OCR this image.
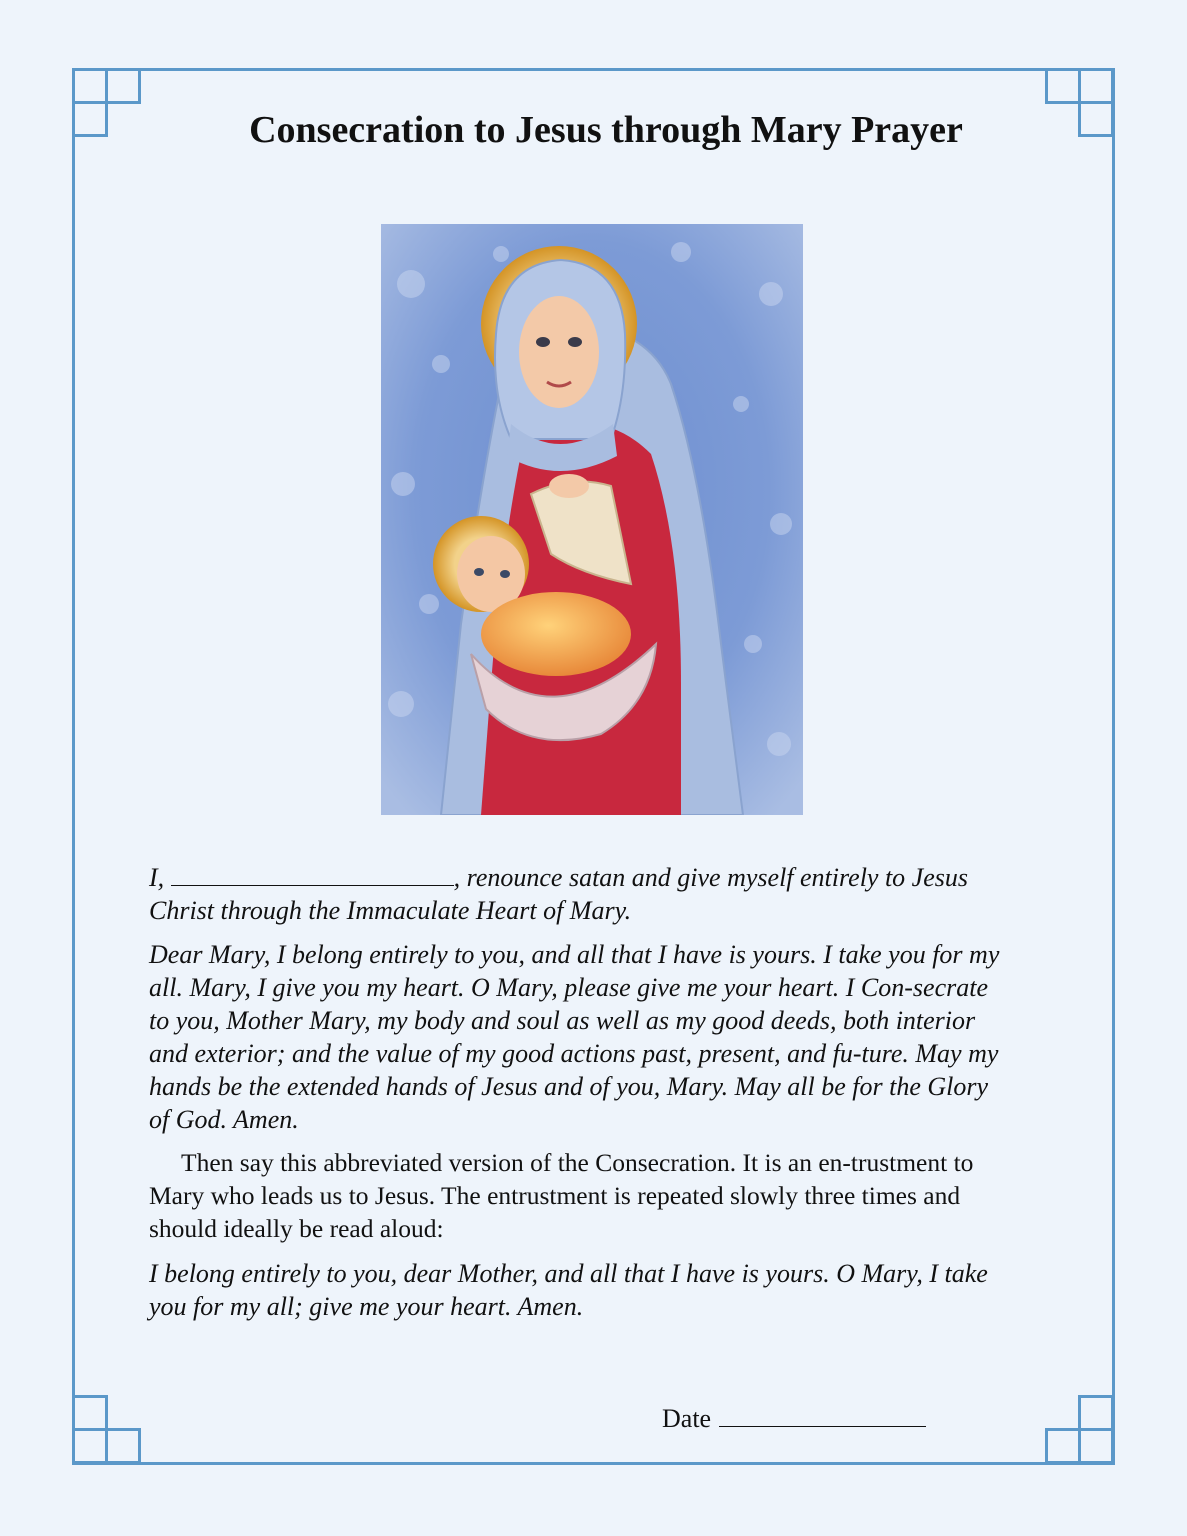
Consecration to Jesus through Mary Prayer
I,	, renounce satan and give myself entirely to Jesus Christ through the Immaculate Heart of Mary.
Dear Mary, I belong entirely to you, and all that I have is yours. I take you for my all. Mary, I give you my heart. O Mary, please give me your heart. I Con-secrate to you, Mother Mary, my body and soul as well as my good deeds, both interior and exterior; and the value of my good actions past, present, and fu-ture. May my hands be the extended hands of Jesus and of you, Mary. May all be for the Glory of God. Amen.
Then say this abbreviated version of the Consecration. It is an en-trustment to Mary who leads us to Jesus. The entrustment is repeated slowly three times and should ideally be read aloud:
I belong entirely to you, dear Mother, and all that I have is yours. O Mary, I take you for my all; give me your heart. Amen.
Date
